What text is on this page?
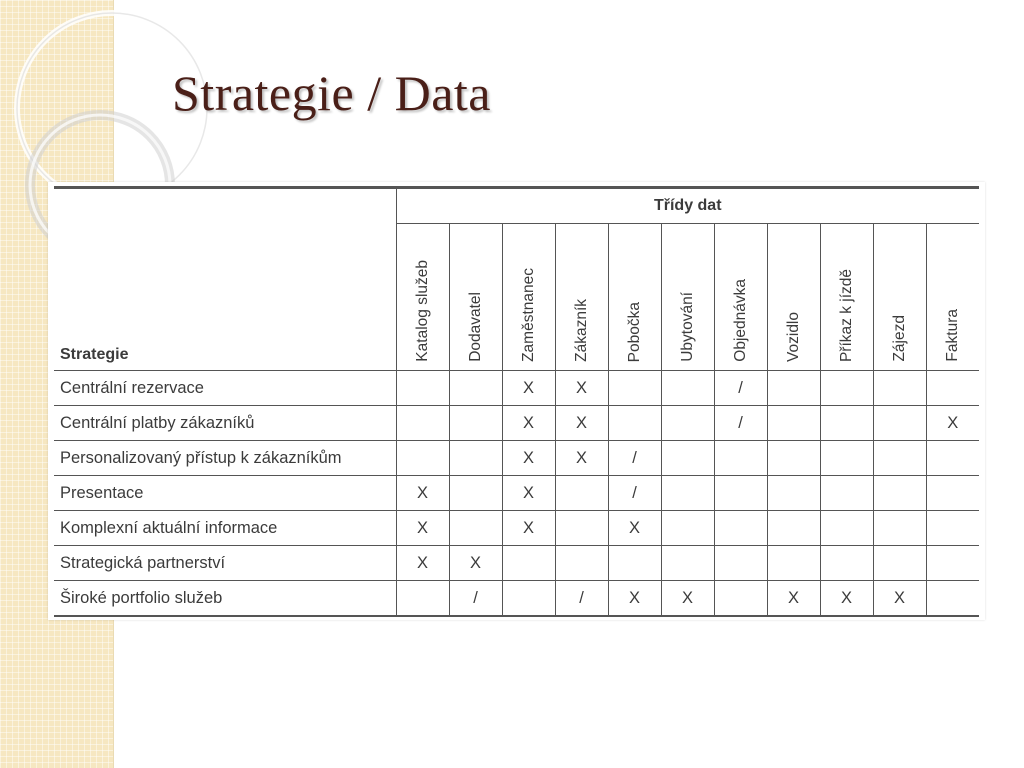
Strategie / Data
Strategie	Třídy dat										

	Katalog služeb	Dodavatel	Zaměstnanec	Zákazník	Pobočka	Ubytování	Objednávka	Vozidlo	Příkaz k jízdě	Zájezd	Faktura

Centrální rezervace			X	X			/				
Centrální platby zákazníků			X	X			/				X
Personalizovaný přístup k zákazníkům			X	X	/						
Presentace	X		X		/						
Komplexní aktuální informace	X		X		X						
Strategická partnerství	X	X									
Široké portfolio služeb		/		/	X	X		X	X	X	
